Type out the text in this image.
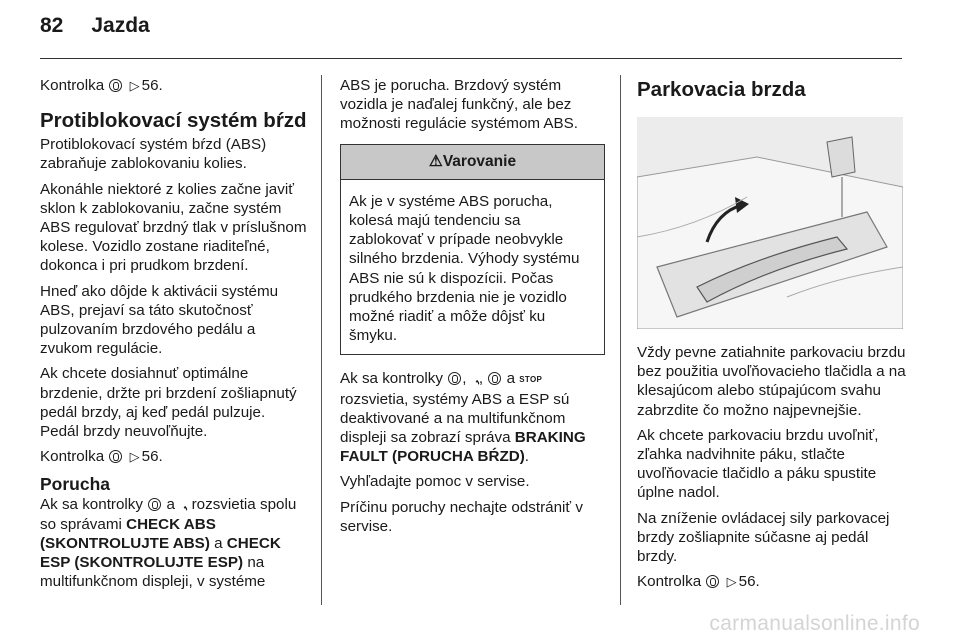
82 Jazda

Kontrolka ▷ 56.

Protiblokovací systém bŕzd

Protiblokovací systém bŕzd (ABS) zabraňuje zablokovaniu kolies.

Akonáhle niektoré z kolies začne javiť sklon k zablokovaniu, začne systém ABS regulovať brzdný tlak v príslušnom kolese. Vozidlo zostane riaditeľné, dokonca i pri prudkom brzdení.

Hneď ako dôjde k aktivácii systému ABS, prejaví sa táto skutočnosť pulzovaním brzdového pedálu a zvukom regulácie.

Ak chcete dosiahnuť optimálne brzdenie, držte pri brzdení zošliapnutý pedál brzdy, aj keď pedál pulzuje. Pedál brzdy neuvoľňujte.

Kontrolka ▷ 56.

Porucha

Ak sa kontrolky a ‚ rozsvietia spolu so správami CHECK ABS (SKONTROLUJTE ABS) a CHECK ESP (SKONTROLUJTE ESP) na multifunkčnom displeji, v systéme

ABS je porucha. Brzdový systém vozidla je naďalej funkčný, ale bez možnosti regulácie systémom ABS.

⚠Varovanie
Ak je v systéme ABS porucha, kolesá majú tendenciu sa zablokovať v prípade neobvykle silného brzdenia. Výhody systému ABS nie sú k dispozícii. Počas prudkého brzdenia nie je vozidlo možné riadiť a môže dôjsť ku šmyku.

Ak sa kontrolky , ‚,  a STOP rozsvietia, systémy ABS a ESP sú deaktivované a na multifunkčnom displeji sa zobrazí správa BRAKING FAULT (PORUCHA BŔZD).

Vyhľadajte pomoc v servise.

Príčinu poruchy nechajte odstrániť v servise.

Parkovacia brzda

Vždy pevne zatiahnite parkovaciu brzdu bez použitia uvoľňovacieho tlačidla a na klesajúcom alebo stúpajúcom svahu zabrzdite čo možno najpevnejšie.

Ak chcete parkovaciu brzdu uvoľniť, zľahka nadvihnite páku, stlačte uvoľňovacie tlačidlo a páku spustite úplne nadol.

Na zníženie ovládacej sily parkovacej brzdy zošliapnite súčasne aj pedál brzdy.

Kontrolka ▷ 56.

carmanualsonline.info
